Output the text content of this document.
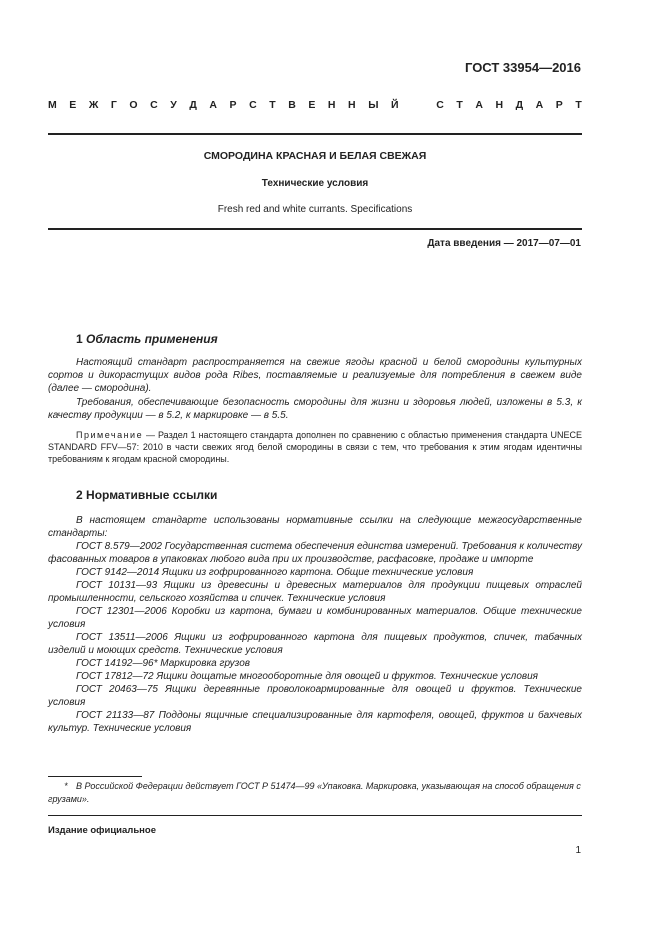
ГОСТ 33954—2016
М Е Ж Г О С У Д А Р С Т В Е Н Н Ы Й	С Т А Н Д А Р Т
СМОРОДИНА КРАСНАЯ И БЕЛАЯ СВЕЖАЯ
Технические условия
Fresh red and white currants. Specifications
Дата введения — 2017—07—01
1 Область применения
Настоящий стандарт распространяется на свежие ягоды красной и белой смородины культурных сортов и дикорастущих видов рода Ribes, поставляемые и реализуемые для потребления в свежем виде (далее — смородина).
Требования, обеспечивающие безопасность смородины для жизни и здоровья людей, изложены в 5.3, к качеству продукции — в 5.2, к маркировке — в 5.5.
Примечание — Раздел 1 настоящего стандарта дополнен по сравнению с областью применения стандарта UNECE STANDARD FFV—57: 2010 в части свежих ягод белой смородины в связи с тем, что требования к этим ягодам идентичны требованиям к ягодам красной смородины.
2 Нормативные ссылки
В настоящем стандарте использованы нормативные ссылки на следующие межгосударственные стандарты:
ГОСТ 8.579—2002 Государственная система обеспечения единства измерений. Требования к количеству фасованных товаров в упаковках любого вида при их производстве, расфасовке, продаже и импорте
ГОСТ 9142—2014 Ящики из гофрированного картона. Общие технические условия
ГОСТ 10131—93 Ящики из древесины и древесных материалов для продукции пищевых отраслей промышленности, сельского хозяйства и спичек. Технические условия
ГОСТ 12301—2006 Коробки из картона, бумаги и комбинированных материалов. Общие технические условия
ГОСТ 13511—2006 Ящики из гофрированного картона для пищевых продуктов, спичек, табачных изделий и моющих средств. Технические условия
ГОСТ 14192—96* Маркировка грузов
ГОСТ 17812—72 Ящики дощатые многооборотные для овощей и фруктов. Технические условия
ГОСТ 20463—75 Ящики деревянные проволокоармированные для овощей и фруктов. Технические условия
ГОСТ 21133—87 Поддоны ящичные специализированные для картофеля, овощей, фруктов и бахчевых культур. Технические условия
* В Российской Федерации действует ГОСТ Р 51474—99 «Упаковка. Маркировка, указывающая на способ обращения с грузами».
Издание официальное
1
